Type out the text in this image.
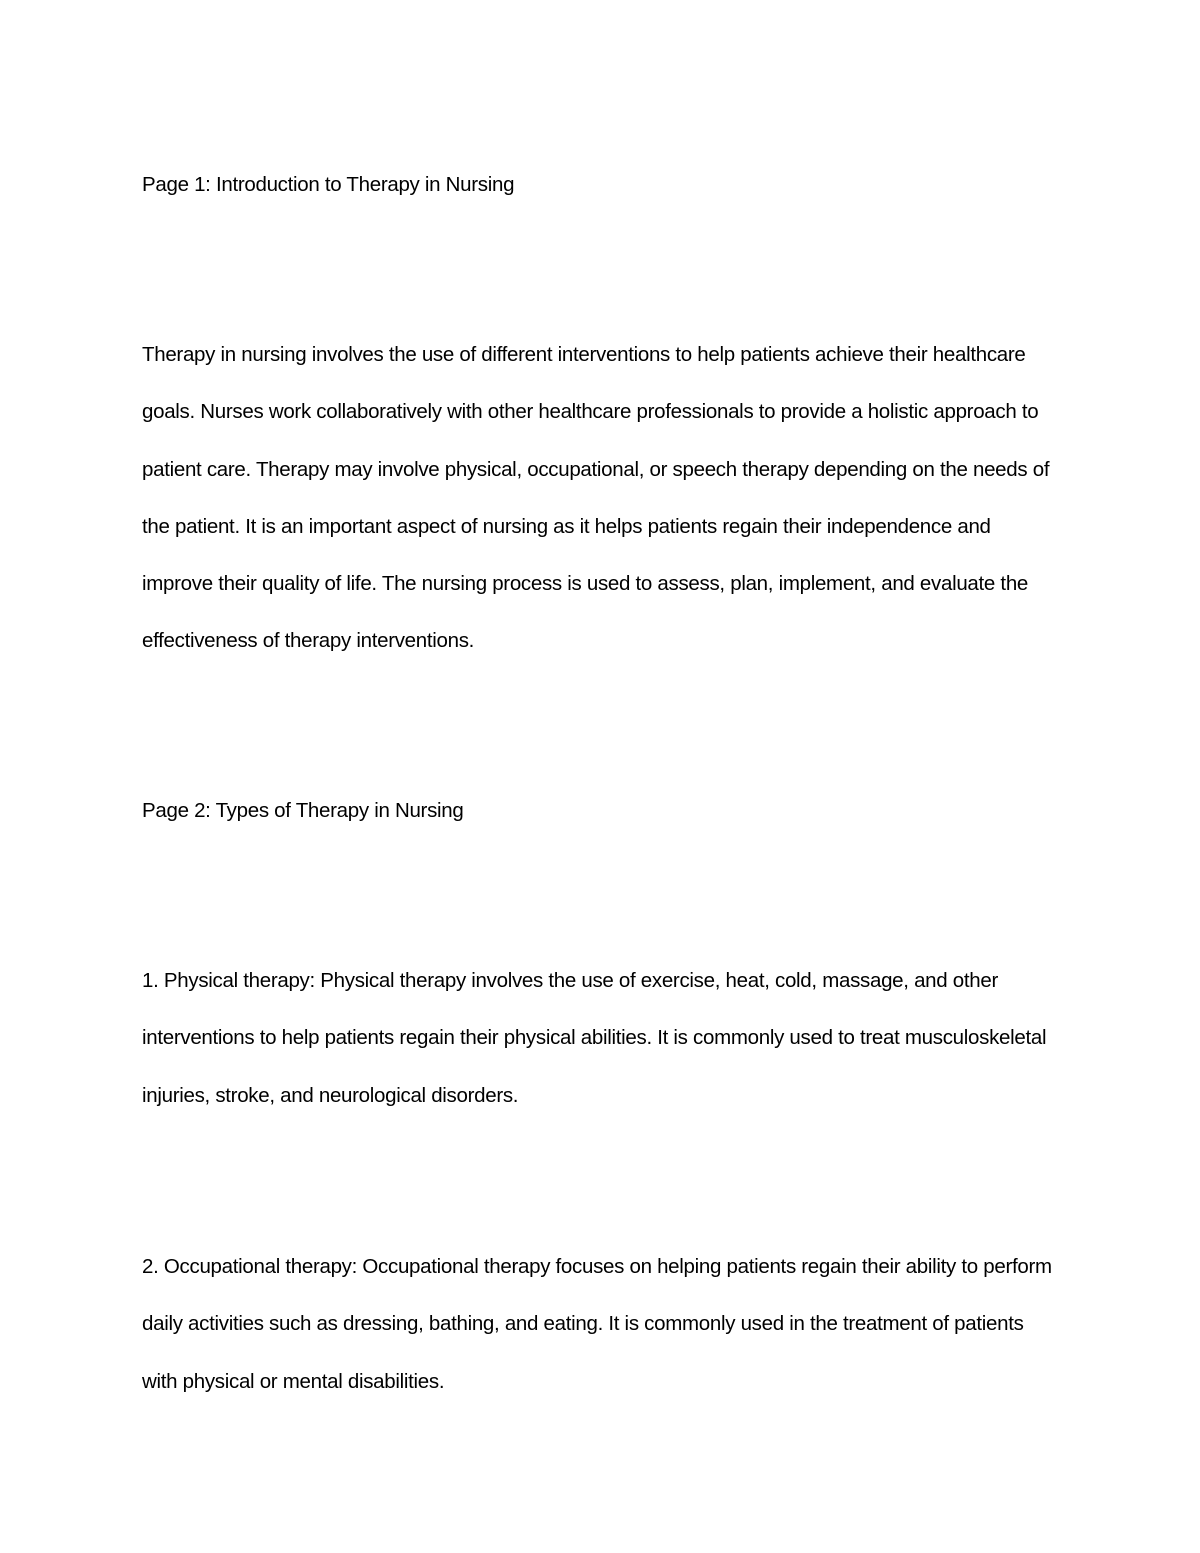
Page 1: Introduction to Therapy in Nursing

Therapy in nursing involves the use of different interventions to help patients achieve their healthcare goals. Nurses work collaboratively with other healthcare professionals to provide a holistic approach to patient care. Therapy may involve physical, occupational, or speech therapy depending on the needs of the patient. It is an important aspect of nursing as it helps patients regain their independence and improve their quality of life. The nursing process is used to assess, plan, implement, and evaluate the effectiveness of therapy interventions.

Page 2: Types of Therapy in Nursing

1. Physical therapy: Physical therapy involves the use of exercise, heat, cold, massage, and other interventions to help patients regain their physical abilities. It is commonly used to treat musculoskeletal injuries, stroke, and neurological disorders.

2. Occupational therapy: Occupational therapy focuses on helping patients regain their ability to perform daily activities such as dressing, bathing, and eating. It is commonly used in the treatment of patients with physical or mental disabilities.
